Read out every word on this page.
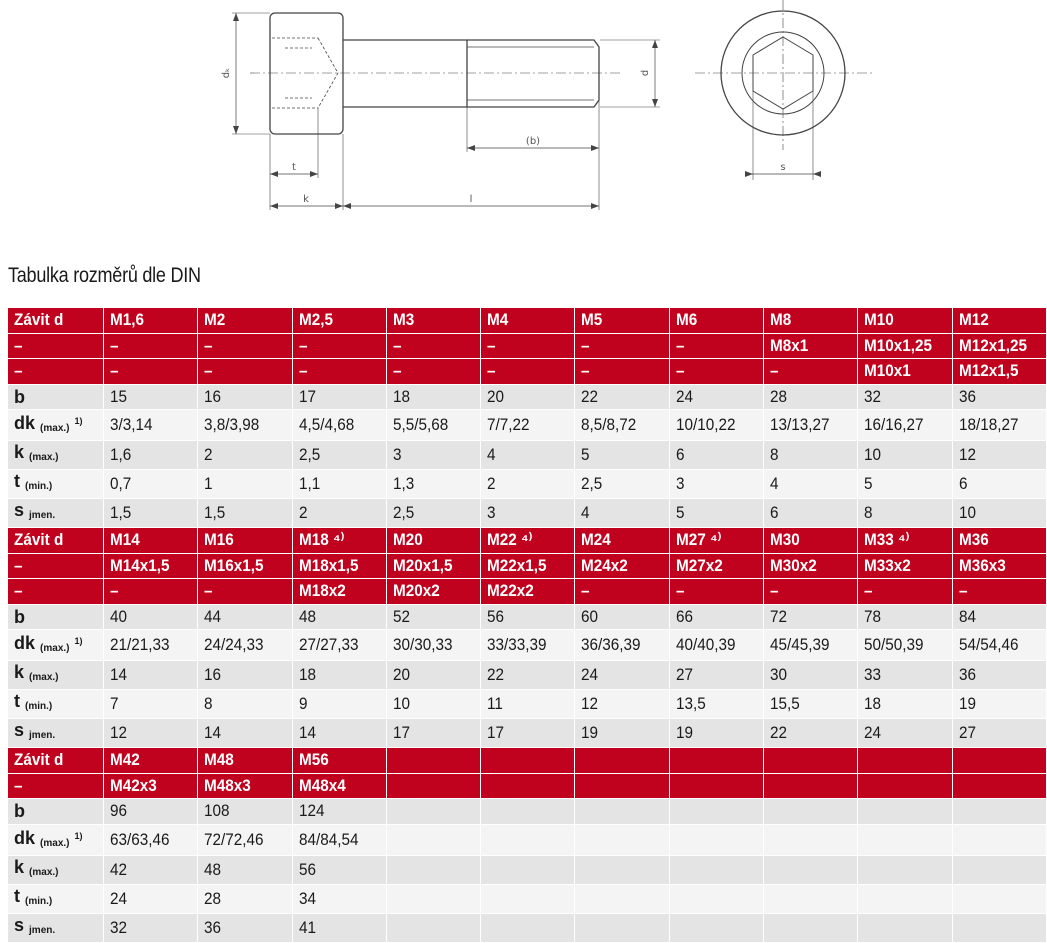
dₖ	d
(b)
t
k	l
s
Tabulka rozměrů dle DIN
Závit d	M1,6	M2	M2,5	M3	M4	M5	M6	M8	M10	M12
–	–	–	–	–	–	–	–	M8x1	M10x1,25	M12x1,25
–	–	–	–	–	–	–	–	–	M10x1	M12x1,5
b	15	16	17	18	20	22	24	28	32	36
dk $_{(max.)}$ $^{1)}$	3/3,14	3,8/3,98	4,5/4,68	5,5/5,68	7/7,22	8,5/8,72	10/10,22	13/13,27	16/16,27	18/18,27
k $_{(max.)}$	1,6	2	2,5	3	4	5	6	8	10	12
t $_{(min.)}$	0,7	1	1,1	1,3	2	2,5	3	4	5	6
s $_{jmen.}$	1,5	1,5	2	2,5	3	4	5	6	8	10
Závit d	M14	M16	M18 ⁴⁾	M20	M22 ⁴⁾	M24	M27 ⁴⁾	M30	M33 ⁴⁾	M36
–	M14x1,5	M16x1,5	M18x1,5	M20x1,5	M22x1,5	M24x2	M27x2	M30x2	M33x2	M36x3
–	–	–	M18x2	M20x2	M22x2	–	–	–	–	–
b	40	44	48	52	56	60	66	72	78	84
dk $_{(max.)}$ $^{1)}$	21/21,33	24/24,33	27/27,33	30/30,33	33/33,39	36/36,39	40/40,39	45/45,39	50/50,39	54/54,46
k $_{(max.)}$	14	16	18	20	22	24	27	30	33	36
t $_{(min.)}$	7	8	9	10	11	12	13,5	15,5	18	19
s $_{jmen.}$	12	14	14	17	17	19	19	22	24	27
Závit d	M42	M48	M56							
–	M42x3	M48x3	M48x4							
b	96	108	124							
dk $_{(max.)}$ $^{1)}$	63/63,46	72/72,46	84/84,54							
k $_{(max.)}$	42	48	56							
t $_{(min.)}$	24	28	34							
s $_{jmen.}$	32	36	41							
